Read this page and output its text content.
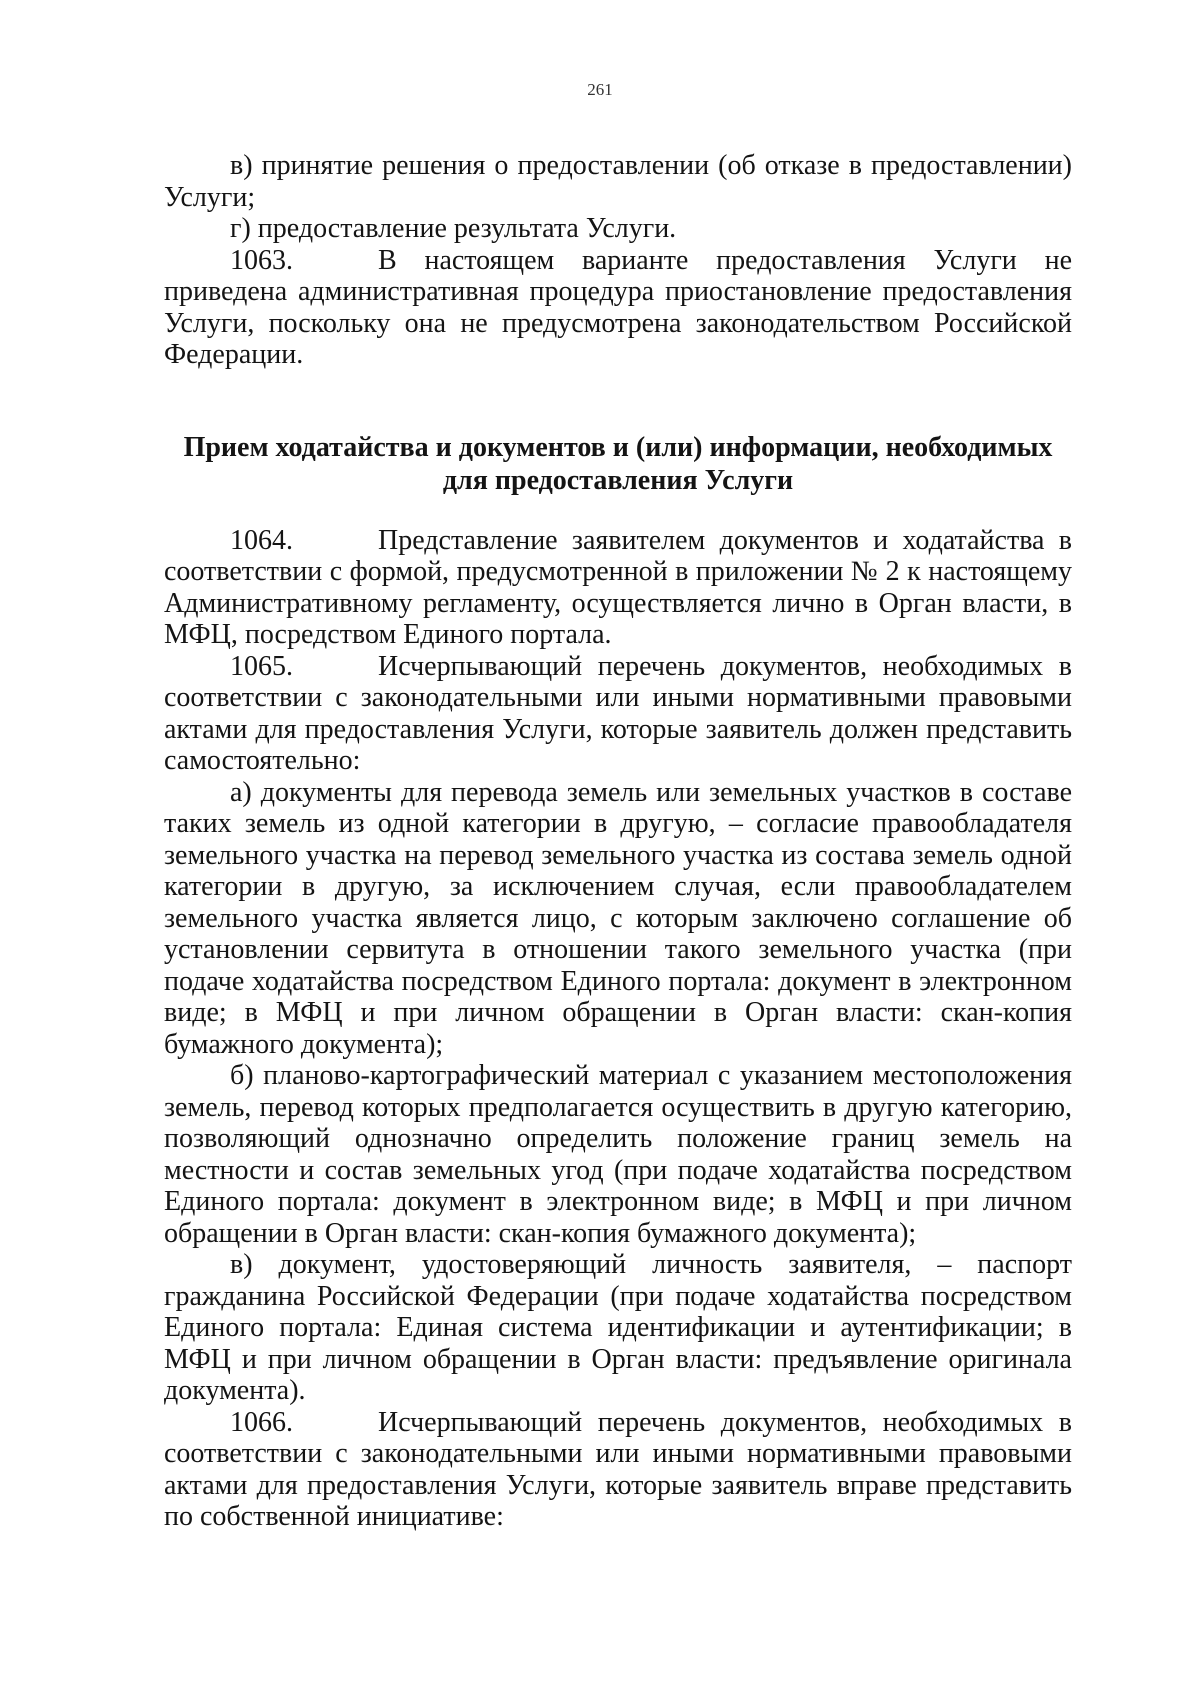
261

в) принятие решения о предоставлении (об отказе в предоставлении) Услуги;

г) предоставление результата Услуги.

1063.	В настоящем варианте предоставления Услуги не приведена административная процедура приостановление предоставления Услуги, поскольку она не предусмотрена законодательством Российской Федерации.

Прием ходатайства и документов и (или) информации, необходимых
для предоставления Услуги

1064.	Представление заявителем документов и ходатайства в соответствии с формой, предусмотренной в приложении № 2 к настоящему Административному регламенту, осуществляется лично в Орган власти, в МФЦ, посредством Единого портала.

1065.	Исчерпывающий перечень документов, необходимых в соответствии с законодательными или иными нормативными правовыми актами для предоставления Услуги, которые заявитель должен представить самостоятельно:

а) документы для перевода земель или земельных участков в составе таких земель из одной категории в другую, – согласие правообладателя земельного участка на перевод земельного участка из состава земель одной категории в другую, за исключением случая, если правообладателем земельного участка является лицо, с которым заключено соглашение об установлении сервитута в отношении такого земельного участка (при подаче ходатайства посредством Единого портала: документ в электронном виде; в МФЦ и при личном обращении в Орган власти: скан-копия бумажного документа);

б) планово-картографический материал с указанием местоположения земель, перевод которых предполагается осуществить в другую категорию, позволяющий однозначно определить положение границ земель на местности и состав земельных угод (при подаче ходатайства посредством Единого портала: документ в электронном виде; в МФЦ и при личном обращении в Орган власти: скан-копия бумажного документа);

в) документ, удостоверяющий личность заявителя, – паспорт гражданина Российской Федерации (при подаче ходатайства посредством Единого портала: Единая система идентификации и аутентификации; в МФЦ и при личном обращении в Орган власти: предъявление оригинала документа).

1066.	Исчерпывающий перечень документов, необходимых в соответствии с законодательными или иными нормативными правовыми актами для предоставления Услуги, которые заявитель вправе представить по собственной инициативе:
